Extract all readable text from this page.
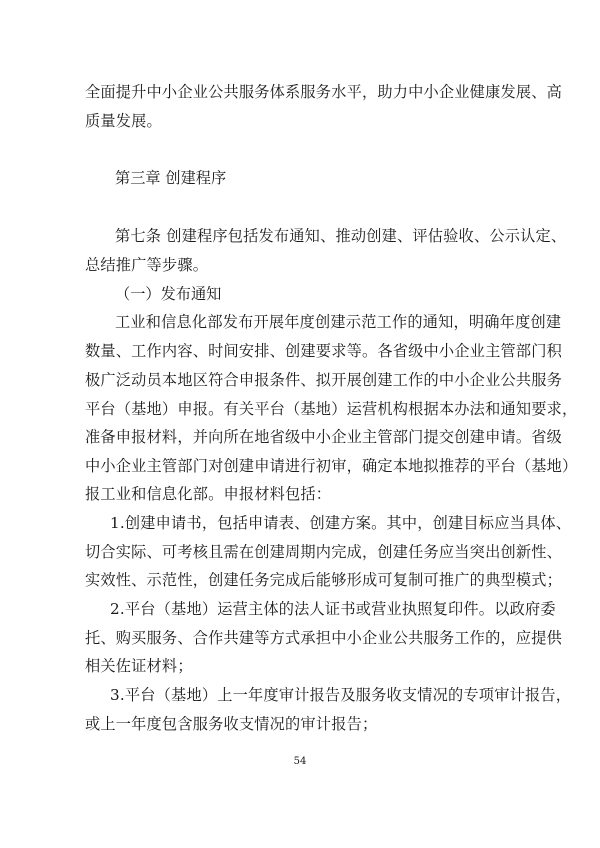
全面提升中小企业公共服务体系服务水平，助力中小企业健康发展、高
质量发展。
第三章 创建程序
第七条 创建程序包括发布通知、推动创建、评估验收、公示认定、
总结推广等步骤。
（一）发布通知
工业和信息化部发布开展年度创建示范工作的通知，明确年度创建
数量、工作内容、时间安排、创建要求等。各省级中小企业主管部门积
极广泛动员本地区符合申报条件、拟开展创建工作的中小企业公共服务
平台（基地）申报。有关平台（基地）运营机构根据本办法和通知要求，
准备申报材料，并向所在地省级中小企业主管部门提交创建申请。省级
中小企业主管部门对创建申请进行初审，确定本地拟推荐的平台（基地）
报工业和信息化部。申报材料包括：
1.创建申请书，包括申请表、创建方案。其中，创建目标应当具体、
切合实际、可考核且需在创建周期内完成，创建任务应当突出创新性、
实效性、示范性，创建任务完成后能够形成可复制可推广的典型模式；
2.平台（基地）运营主体的法人证书或营业执照复印件。以政府委
托、购买服务、合作共建等方式承担中小企业公共服务工作的，应提供
相关佐证材料；
3.平台（基地）上一年度审计报告及服务收支情况的专项审计报告，
或上一年度包含服务收支情况的审计报告；
54
